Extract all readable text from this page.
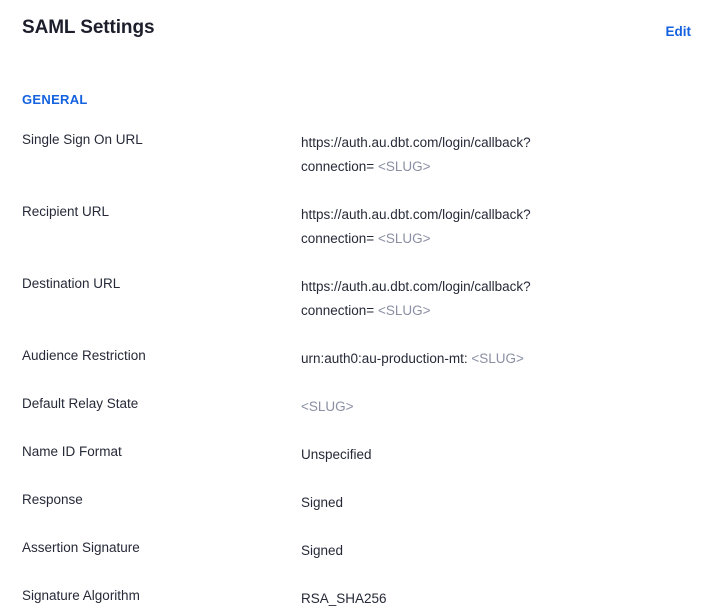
SAML Settings	Edit
GENERAL
Single Sign On URL	https://auth.au.dbt.com/login/callback?
connection= <SLUG>
Recipient URL	https://auth.au.dbt.com/login/callback?
connection= <SLUG>
Destination URL	https://auth.au.dbt.com/login/callback?
connection= <SLUG>
Audience Restriction	urn:auth0:au-production-mt: <SLUG>
Default Relay State	<SLUG>
Name ID Format	Unspecified
Response	Signed
Assertion Signature	Signed
Signature Algorithm	RSA_SHA256
